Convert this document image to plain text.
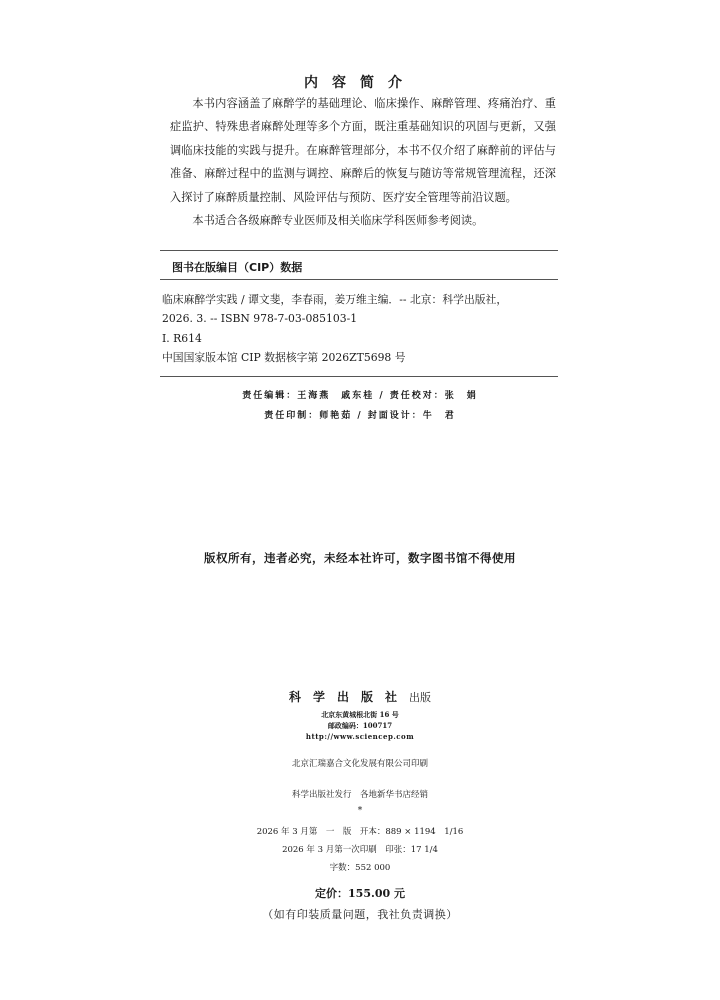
内容简介

本书内容涵盖了麻醉学的基础理论、临床操作、麻醉管理、疼痛治疗、重症监护、特殊患者麻醉处理等多个方面，既注重基础知识的巩固与更新，又强调临床技能的实践与提升。在麻醉管理部分，本书不仅介绍了麻醉前的评估与准备、麻醉过程中的监测与调控、麻醉后的恢复与随访等常规管理流程，还深入探讨了麻醉质量控制、风险评估与预防、医疗安全管理等前沿议题。

本书适合各级麻醉专业医师及相关临床学科医师参考阅读。

图书在版编目（CIP）数据
临床麻醉学实践 / 谭文斐，李春雨，姜万维主编．-- 北京：科学出版社，
2026. 3. -- ISBN 978-7-03-085103-1
Ⅰ. R614
中国国家版本馆 CIP 数据核字第 2026ZT5698 号
责任编辑：王海燕　戚东桂 / 责任校对：张　娟
责任印制：师艳茹 / 封面设计：牛　君
版权所有，违者必究，未经本社许可，数字图书馆不得使用
科学出版社出版
北京东黄城根北街 16 号
邮政编码：100717
http://www.sciencep.com
北京汇瑞嘉合文化发展有限公司印刷
科学出版社发行　各地新华书店经销
*
2026 年 3 月第　一　版　开本：889 × 1194　1/16
2026 年 3 月第一次印刷　印张：17 1/4
字数：552 000
定价：155.00 元
（如有印装质量问题，我社负责调换）
